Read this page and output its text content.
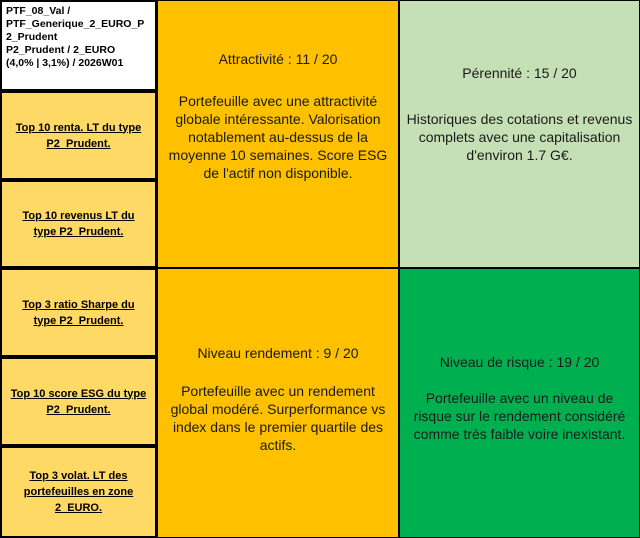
PTF_08_Val /
PTF_Generique_2_EURO_P
2_Prudent
P2_Prudent / 2_EURO
(4,0% | 3,1%) / 2026W01
Top 10 renta. LT du type P2_Prudent.
Top 10 revenus LT du type P2_Prudent.
Top 3 ratio Sharpe du type P2_Prudent.
Top 10 score ESG du type P2_Prudent.
Top 3 volat. LT des portefeuilles en zone 2_EURO.
Attractivité : 11 / 20
Portefeuille avec une attractivité globale intéressante. Valorisation notablement au-dessus de la moyenne 10 semaines. Score ESG de l'actif non disponible.
Pérennité : 15 / 20
Historiques des cotations et revenus complets avec une capitalisation d'environ 1.7 G€.
Niveau rendement : 9 / 20
Portefeuille avec un rendement global modéré. Surperformance vs index dans le premier quartile des actifs.
Niveau de risque : 19 / 20
Portefeuille avec un niveau de risque sur le rendement considéré comme très faible voire inexistant.
